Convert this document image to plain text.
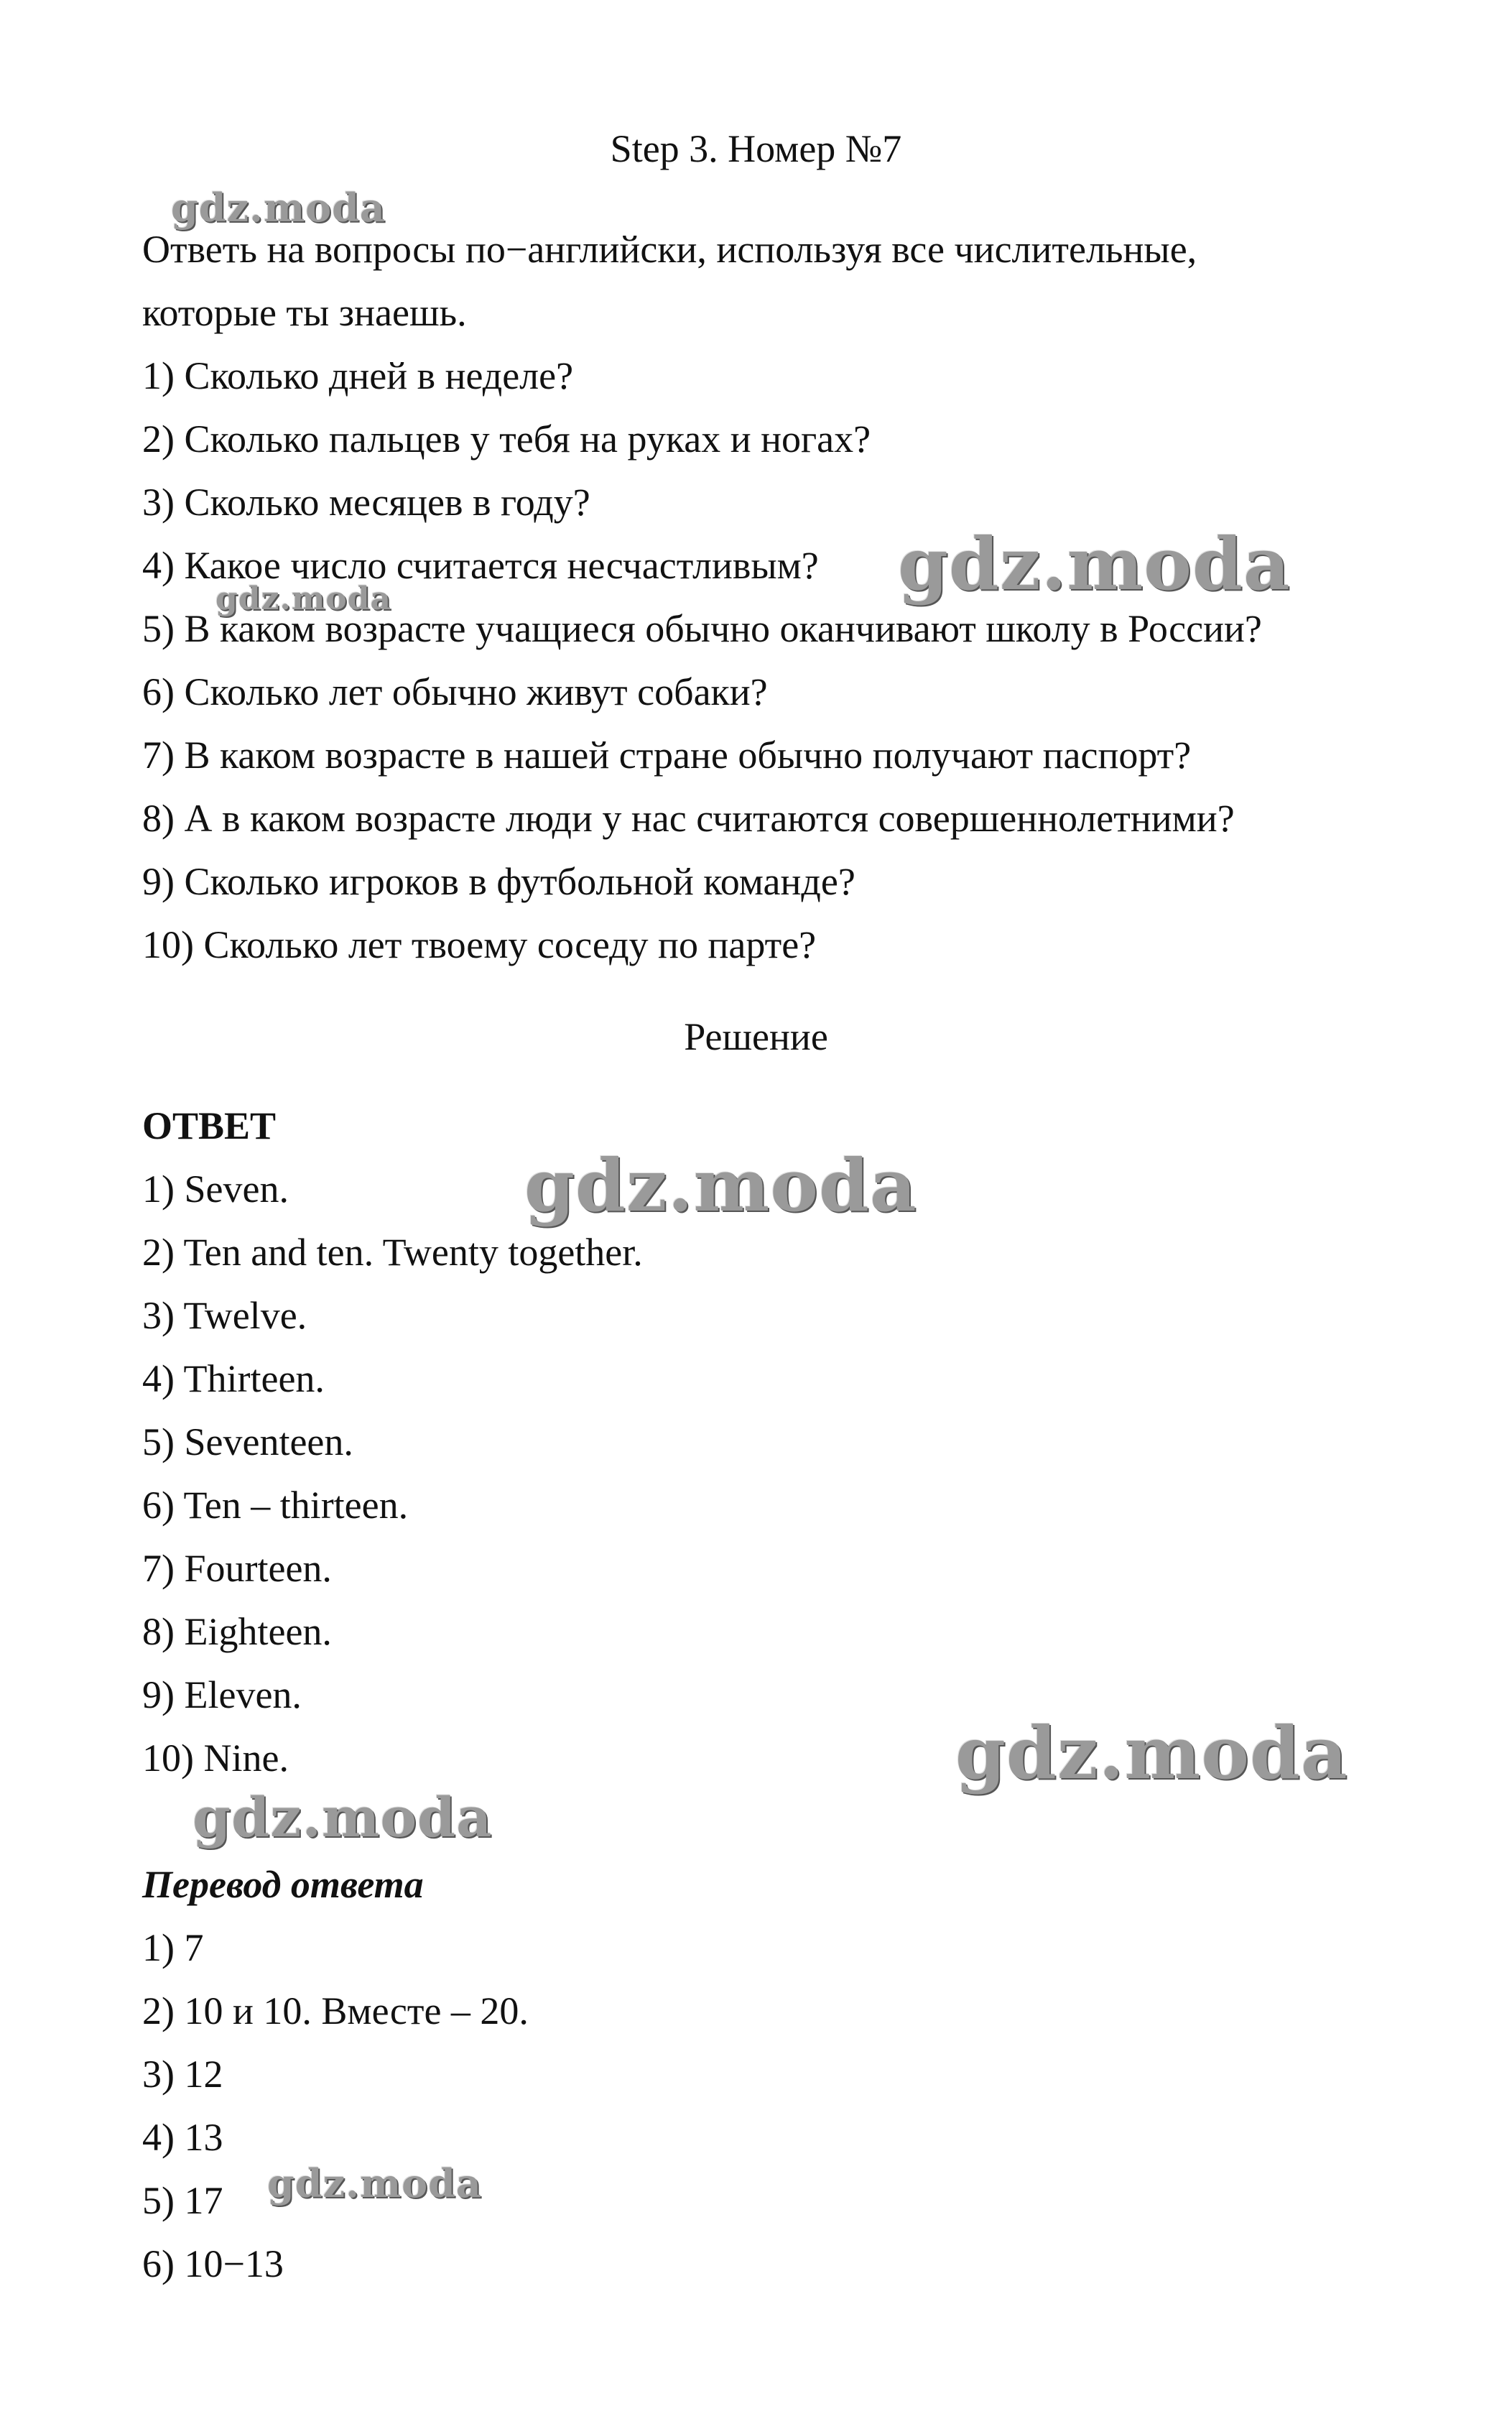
Step 3. Номер №7
Ответь на вопросы по−английски, используя все числительные,
которые ты знаешь.
1) Сколько дней в неделе?
2) Сколько пальцев у тебя на руках и ногах?
3) Сколько месяцев в году?
4) Какое число считается несчастливым?
5) В каком возрасте учащиеся обычно оканчивают школу в России?
6) Сколько лет обычно живут собаки?
7) В каком возрасте в нашей стране обычно получают паспорт?
8) А в каком возрасте люди у нас считаются совершеннолетними?
9) Сколько игроков в футбольной команде?
10) Сколько лет твоему соседу по парте?
Решение
ОТВЕТ
1) Seven.
2) Ten and ten. Twenty together.
3) Twelve.
4) Thirteen.
5) Seventeen.
6) Ten – thirteen.
7) Fourteen.
8) Eighteen.
9) Eleven.
10) Nine.
Перевод ответа
1) 7
2) 10 и 10. Вместе – 20.
3) 12
4) 13
5) 17
6) 10−13
gdz.moda
gdz.moda
gdz.moda
gdz.moda
gdz.moda
gdz.moda
gdz.moda
